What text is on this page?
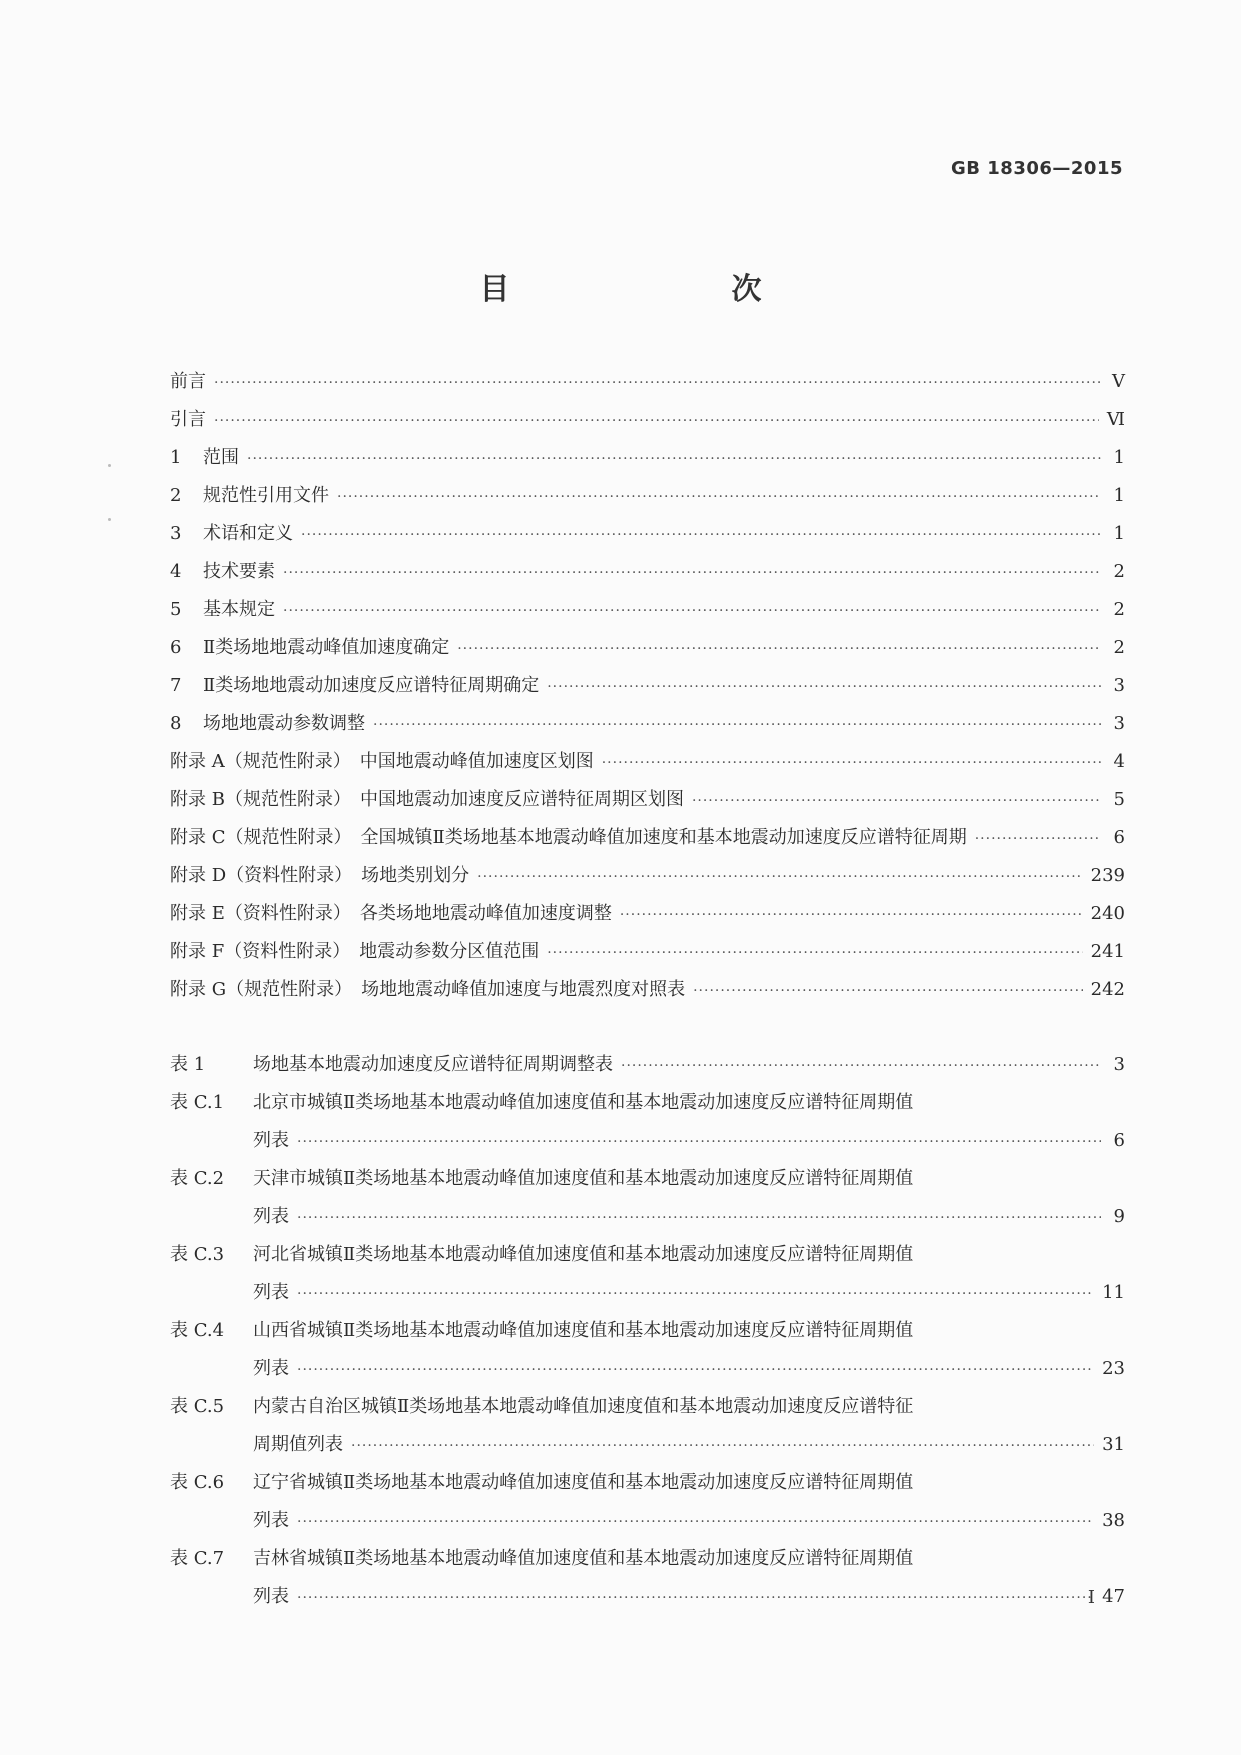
GB 18306—2015
目　　次
前言 ·····	Ⅴ
引言 ·····	Ⅵ
1	范围 ·····	1
2	规范性引用文件 ·····	1
3	术语和定义 ·····	1
4	技术要素 ·····	2
5	基本规定 ·····	2
6	Ⅱ类场地地震动峰值加速度确定 ·····	2
7	Ⅱ类场地地震动加速度反应谱特征周期确定 ·····	3
8	场地地震动参数调整 ·····	3
附录 A（规范性附录）　中国地震动峰值加速度区划图 ·····	4
附录 B（规范性附录）　中国地震动加速度反应谱特征周期区划图 ·····	5
附录 C（规范性附录）　全国城镇Ⅱ类场地基本地震动峰值加速度和基本地震动加速度反应谱特征周期 ·····	6
附录 D（资料性附录）　场地类别划分 ·····	239
附录 E（资料性附录）　各类场地地震动峰值加速度调整 ·····	240
附录 F（资料性附录）　地震动参数分区值范围 ·····	241
附录 G（规范性附录）　场地地震动峰值加速度与地震烈度对照表 ·····	242
表 1	场地基本地震动加速度反应谱特征周期调整表 ·····	3
表 C.1	北京市城镇Ⅱ类场地基本地震动峰值加速度值和基本地震动加速度反应谱特征周期值
列表 ·····	6
表 C.2	天津市城镇Ⅱ类场地基本地震动峰值加速度值和基本地震动加速度反应谱特征周期值
列表 ·····	9
表 C.3	河北省城镇Ⅱ类场地基本地震动峰值加速度值和基本地震动加速度反应谱特征周期值
列表 ·····	11
表 C.4	山西省城镇Ⅱ类场地基本地震动峰值加速度值和基本地震动加速度反应谱特征周期值
列表 ·····	23
表 C.5	内蒙古自治区城镇Ⅱ类场地基本地震动峰值加速度值和基本地震动加速度反应谱特征
周期值列表 ·····	31
表 C.6	辽宁省城镇Ⅱ类场地基本地震动峰值加速度值和基本地震动加速度反应谱特征周期值
列表 ·····	38
表 C.7	吉林省城镇Ⅱ类场地基本地震动峰值加速度值和基本地震动加速度反应谱特征周期值
列表 ·····	47
Ⅰ
